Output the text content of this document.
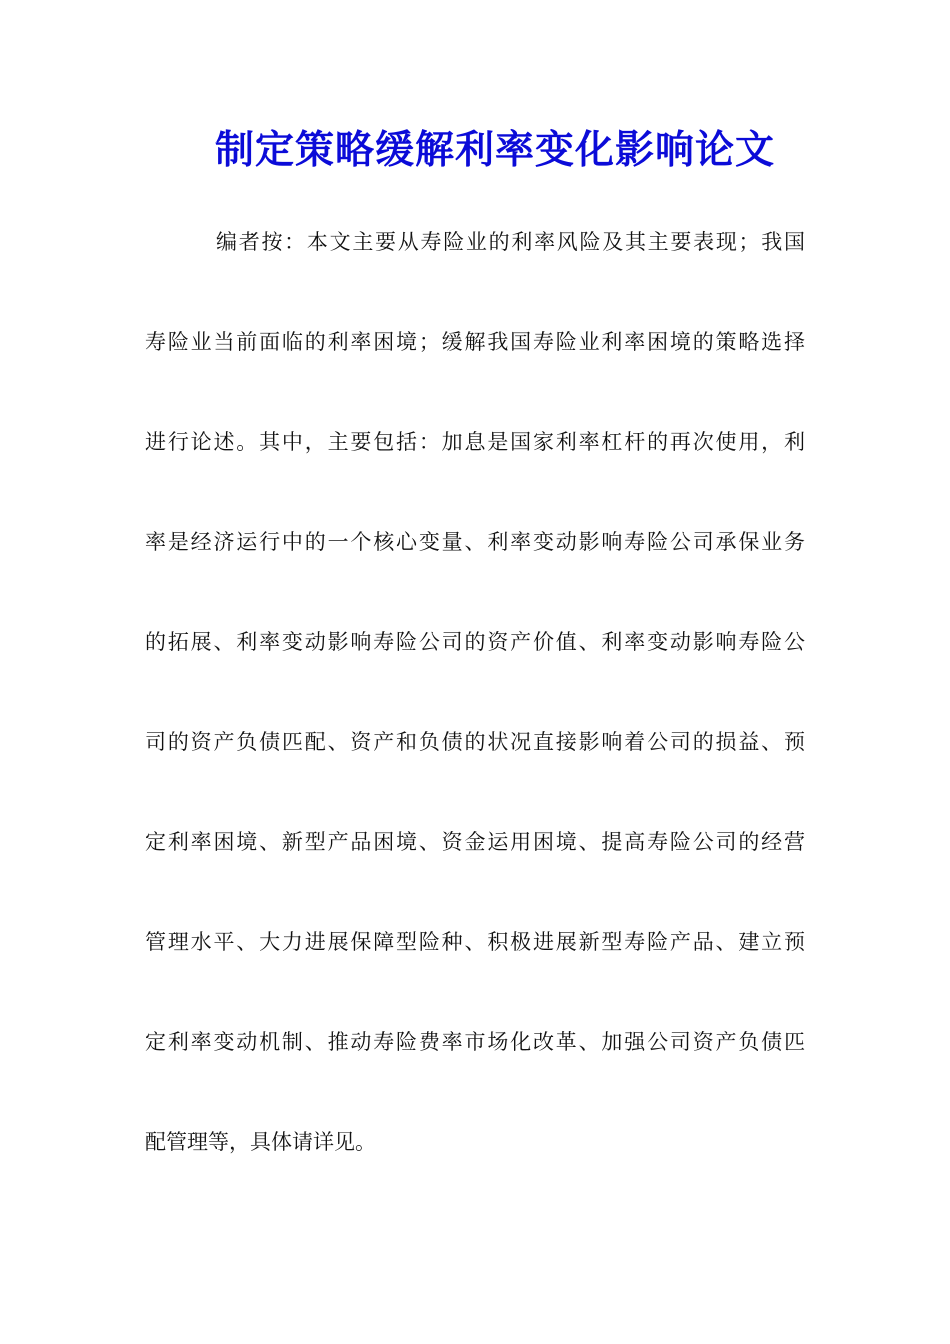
制定策略缓解利率变化影响论文
编者按：本文主要从寿险业的利率风险及其主要表现；我国
寿险业当前面临的利率困境；缓解我国寿险业利率困境的策略选择
进行论述。其中，主要包括：加息是国家利率杠杆的再次使用，利
率是经济运行中的一个核心变量、利率变动影响寿险公司承保业务
的拓展、利率变动影响寿险公司的资产价值、利率变动影响寿险公
司的资产负债匹配、资产和负债的状况直接影响着公司的损益、预
定利率困境、新型产品困境、资金运用困境、提高寿险公司的经营
管理水平、大力进展保障型险种、积极进展新型寿险产品、建立预
定利率变动机制、推动寿险费率市场化改革、加强公司资产负债匹
配管理等，具体请详见。
